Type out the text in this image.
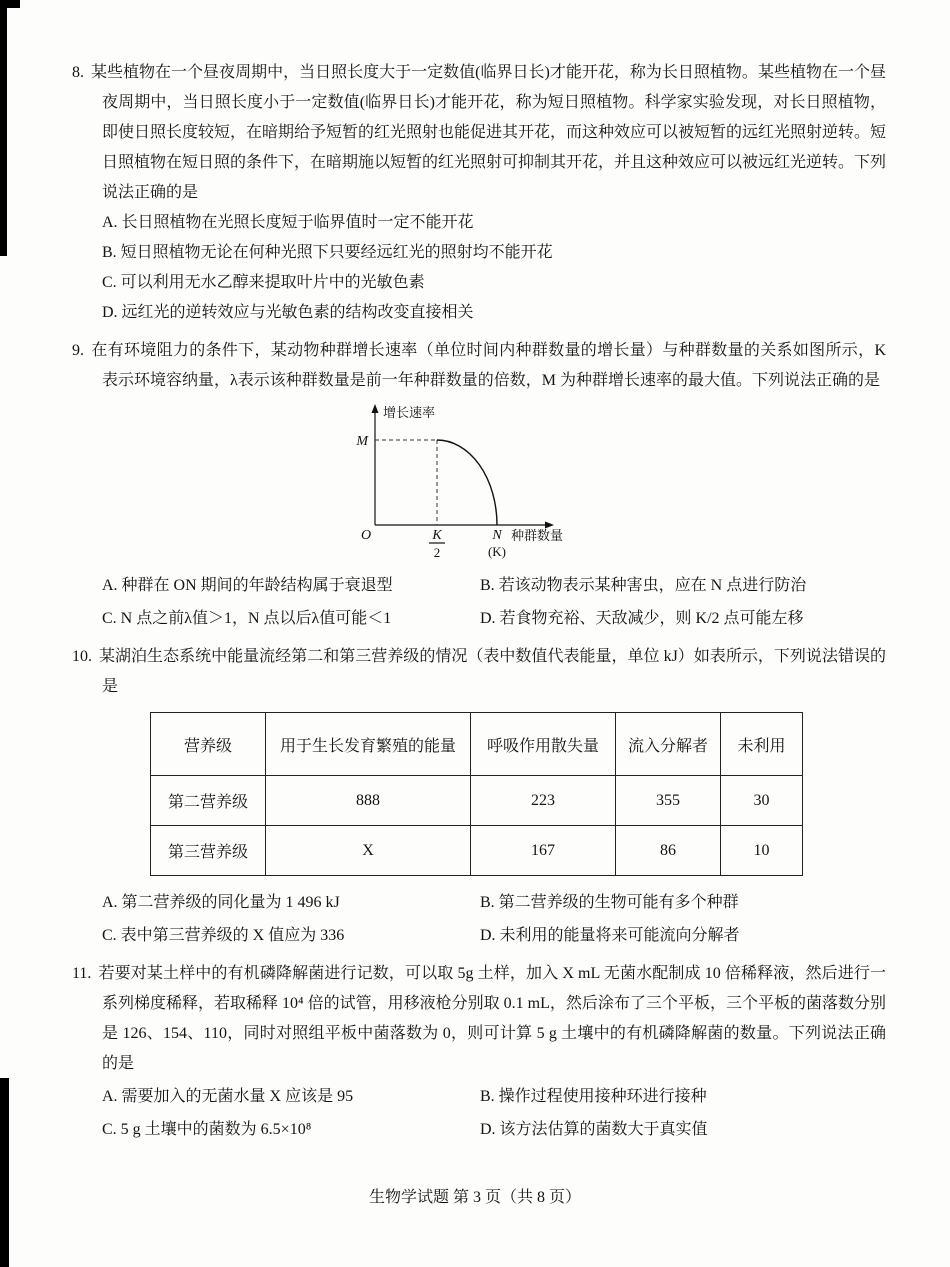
8. 某些植物在一个昼夜周期中，当日照长度大于一定数值(临界日长)才能开花，称为长日照植物。某些植物在一个昼夜周期中，当日照长度小于一定数值(临界日长)才能开花，称为短日照植物。科学家实验发现，对长日照植物，即使日照长度较短，在暗期给予短暂的红光照射也能促进其开花，而这种效应可以被短暂的远红光照射逆转。短日照植物在短日照的条件下，在暗期施以短暂的红光照射可抑制其开花，并且这种效应可以被远红光逆转。下列说法正确的是

A. 长日照植物在光照长度短于临界值时一定不能开花
B. 短日照植物无论在何种光照下只要经远红光的照射均不能开花
C. 可以利用无水乙醇来提取叶片中的光敏色素
D. 远红光的逆转效应与光敏色素的结构改变直接相关

9. 在有环境阻力的条件下，某动物种群增长速率（单位时间内种群数量的增长量）与种群数量的关系如图所示，K 表示环境容纳量，λ表示该种群数量是前一年种群数量的倍数，M 为种群增长速率的最大值。下列说法正确的是

增长速率
M
O	K
2
N
(K)
种群数量
A. 种群在 ON 期间的年龄结构属于衰退型	B. 若该动物表示某种害虫，应在 N 点进行防治
C. N 点之前λ值＞1，N 点以后λ值可能＜1	D. 若食物充裕、天敌减少，则 K/2 点可能左移

10. 某湖泊生态系统中能量流经第二和第三营养级的情况（表中数值代表能量，单位 kJ）如表所示，下列说法错误的是

营养级	用于生长发育繁殖的能量	呼吸作用散失量	流入分解者	未利用
第二营养级	888	223	355	30
第三营养级	X	167	86	10
A. 第二营养级的同化量为 1 496 kJ	B. 第二营养级的生物可能有多个种群
C. 表中第三营养级的 X 值应为 336	D. 未利用的能量将来可能流向分解者

11. 若要对某土样中的有机磷降解菌进行记数，可以取 5g 土样，加入 X mL 无菌水配制成 10 倍稀释液，然后进行一系列梯度稀释，若取稀释 10⁴ 倍的试管，用移液枪分别取 0.1 mL，然后涂布了三个平板，三个平板的菌落数分别是 126、154、110，同时对照组平板中菌落数为 0，则可计算 5 g 土壤中的有机磷降解菌的数量。下列说法正确的是

A. 需要加入的无菌水量 X 应该是 95	B. 操作过程使用接种环进行接种
C. 5 g 土壤中的菌数为 6.5×10⁸	D. 该方法估算的菌数大于真实值
生物学试题 第 3 页（共 8 页）
